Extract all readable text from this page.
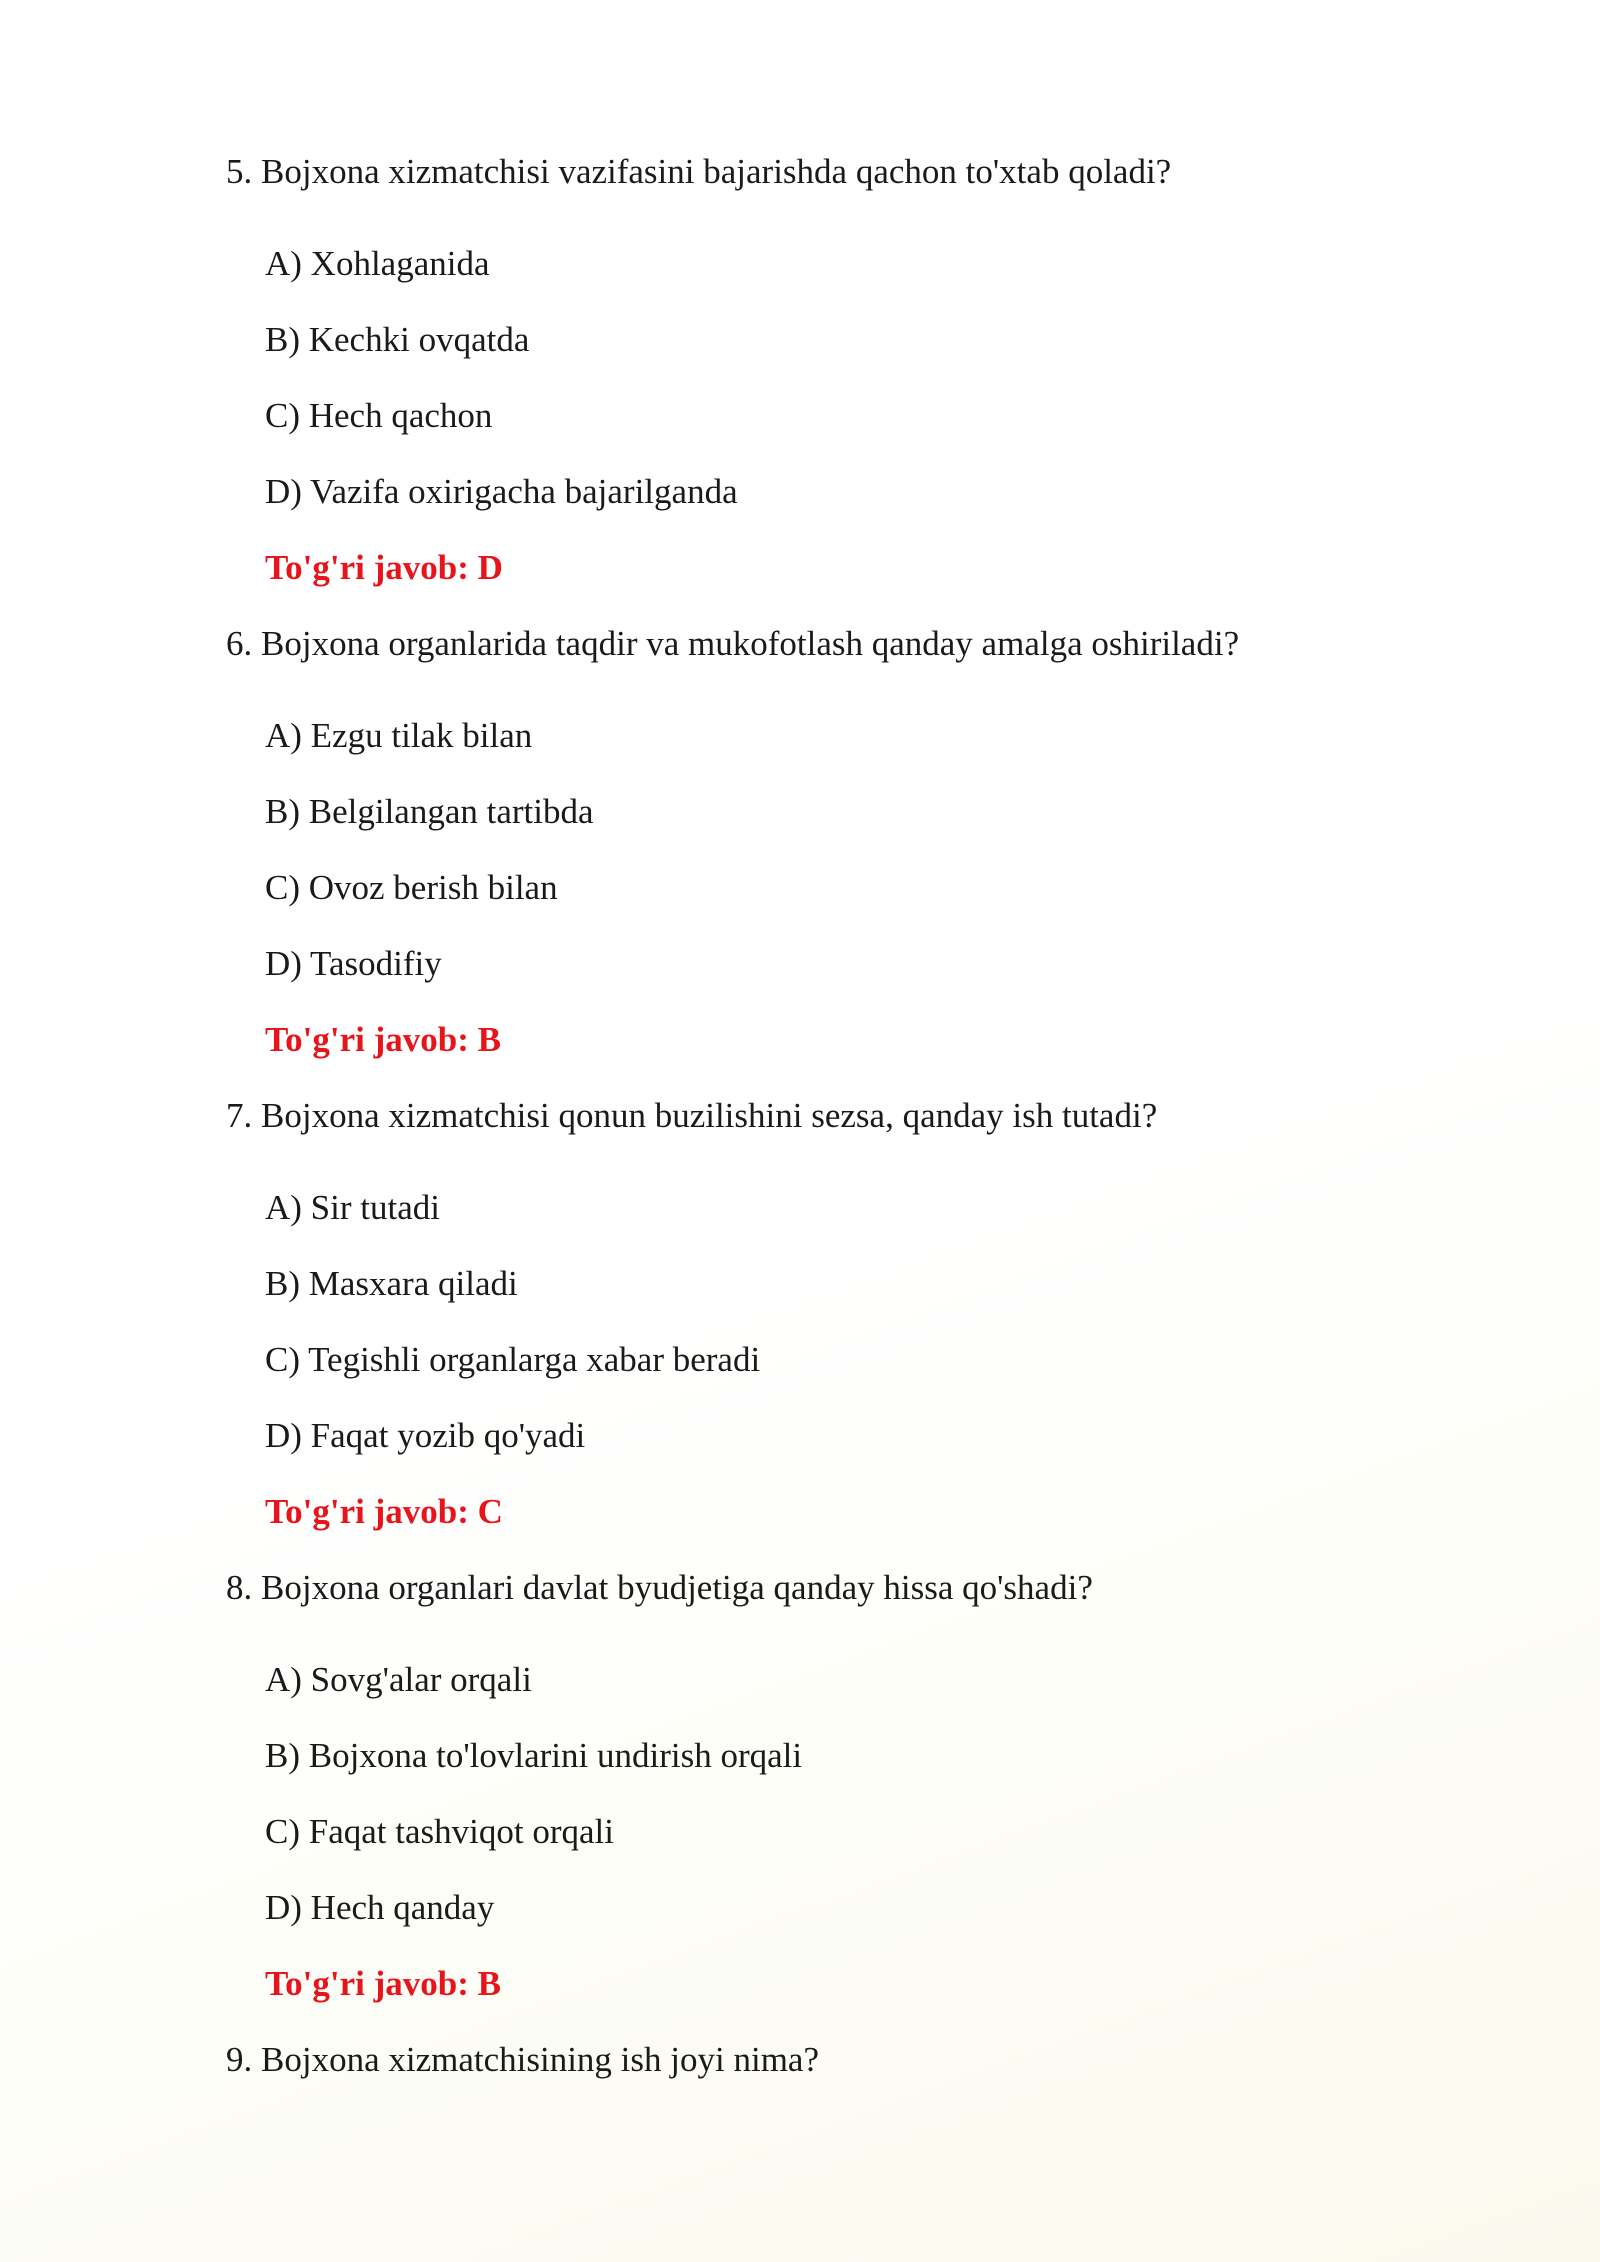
5. Bojxona xizmatchisi vazifasini bajarishda qachon to'xtab qoladi?
A) Xohlaganida
B) Kechki ovqatda
C) Hech qachon
D) Vazifa oxirigacha bajarilganda
To'g'ri javob: D
6. Bojxona organlarida taqdir va mukofotlash qanday amalga oshiriladi?
A) Ezgu tilak bilan
B) Belgilangan tartibda
C) Ovoz berish bilan
D) Tasodifiy
To'g'ri javob: B
7. Bojxona xizmatchisi qonun buzilishini sezsa, qanday ish tutadi?
A) Sir tutadi
B) Masxara qiladi
C) Tegishli organlarga xabar beradi
D) Faqat yozib qo'yadi
To'g'ri javob: C
8. Bojxona organlari davlat byudjetiga qanday hissa qo'shadi?
A) Sovg'alar orqali
B) Bojxona to'lovlarini undirish orqali
C) Faqat tashviqot orqali
D) Hech qanday
To'g'ri javob: B
9. Bojxona xizmatchisining ish joyi nima?
